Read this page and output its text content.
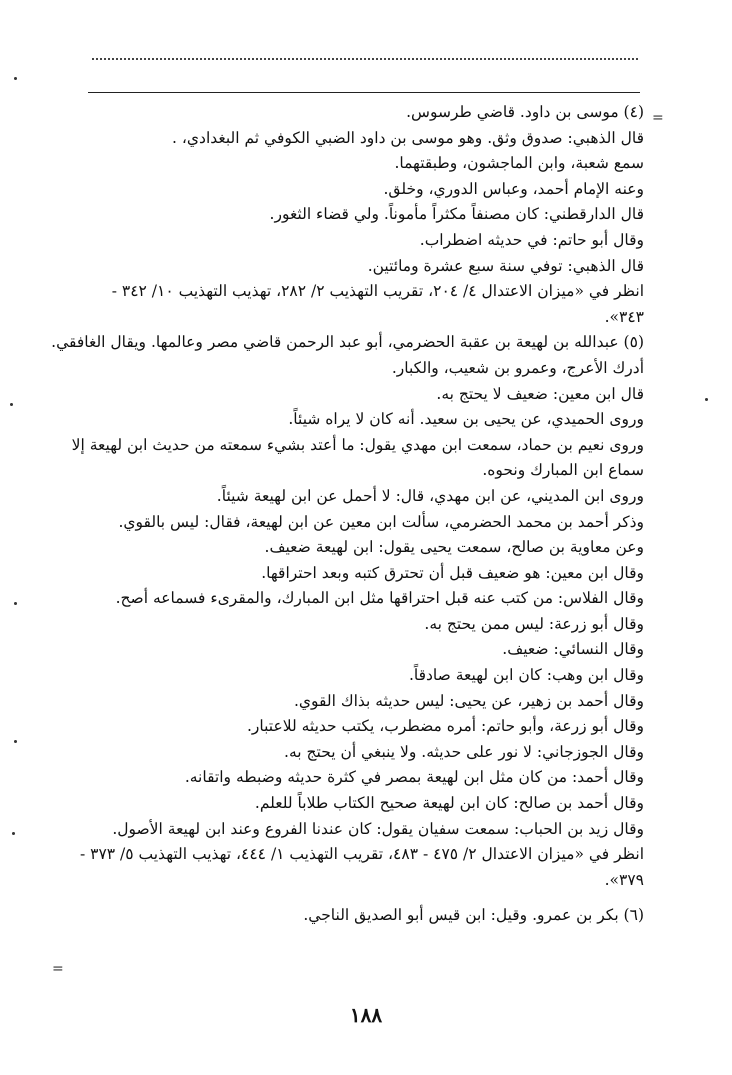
=
=
(٤) موسى بن داود. قاضي طرسوس.
قال الذهبي: صدوق وثق. وهو موسى بن داود الضبي الكوفي ثم البغدادي، .
سمع شعبة، وابن الماجشون، وطبقتهما.
وعنه الإمام أحمد، وعباس الدوري، وخلق.
قال الدارقطني: كان مصنفاً مكثراً مأموناً. ولي قضاء الثغور.
وقال أبو حاتم: في حديثه اضطراب.
قال الذهبي: توفي سنة سبع عشرة ومائتين.
انظر في «ميزان الاعتدال ٤/ ٢٠٤، تقريب التهذيب ٢/ ٢٨٢، تهذيب التهذيب ١٠/ ٣٤٢ -
٣٤٣».
(٥) عبدالله بن لهيعة بن عقبة الحضرمي، أبو عبد الرحمن قاضي مصر وعالمها. ويقال الغافقي.
أدرك الأعرج، وعمرو بن شعيب، والكبار.
قال ابن معين: ضعيف لا يحتج به.
وروى الحميدي، عن يحيى بن سعيد. أنه كان لا يراه شيئاً.
وروى نعيم بن حماد، سمعت ابن مهدي يقول: ما أعتد بشيء سمعته من حديث ابن لهيعة إلا
سماع ابن المبارك ونحوه.
وروى ابن المديني، عن ابن مهدي، قال: لا أحمل عن ابن لهيعة شيئاً.
وذكر أحمد بن محمد الحضرمي، سألت ابن معين عن ابن لهيعة، فقال: ليس بالقوي.
وعن معاوية بن صالح، سمعت يحيى يقول: ابن لهيعة ضعيف.
وقال ابن معين: هو ضعيف قبل أن تحترق كتبه وبعد احتراقها.
وقال الفلاس: من كتب عنه قبل احتراقها مثل ابن المبارك، والمقرىء فسماعه أصح.
وقال أبو زرعة: ليس ممن يحتج به.
وقال النسائي: ضعيف.
وقال ابن وهب: كان ابن لهيعة صادقاً.
وقال أحمد بن زهير، عن يحيى: ليس حديثه بذاك القوي.
وقال أبو زرعة، وأبو حاتم: أمره مضطرب، يكتب حديثه للاعتبار.
وقال الجوزجاني: لا نور على حديثه. ولا ينبغي أن يحتج به.
وقال أحمد: من كان مثل ابن لهيعة بمصر في كثرة حديثه وضبطه واتقانه.
وقال أحمد بن صالح: كان ابن لهيعة صحيح الكتاب طلاباً للعلم.
وقال زيد بن الحباب: سمعت سفيان يقول: كان عندنا الفروع وعند ابن لهيعة الأصول.
انظر في «ميزان الاعتدال ٢/ ٤٧٥ - ٤٨٣، تقريب التهذيب ١/ ٤٤٤، تهذيب التهذيب ٥/ ٣٧٣ -
٣٧٩».
(٦) بكر بن عمرو. وقيل: ابن قيس أبو الصديق الناجي.
١٨٨
